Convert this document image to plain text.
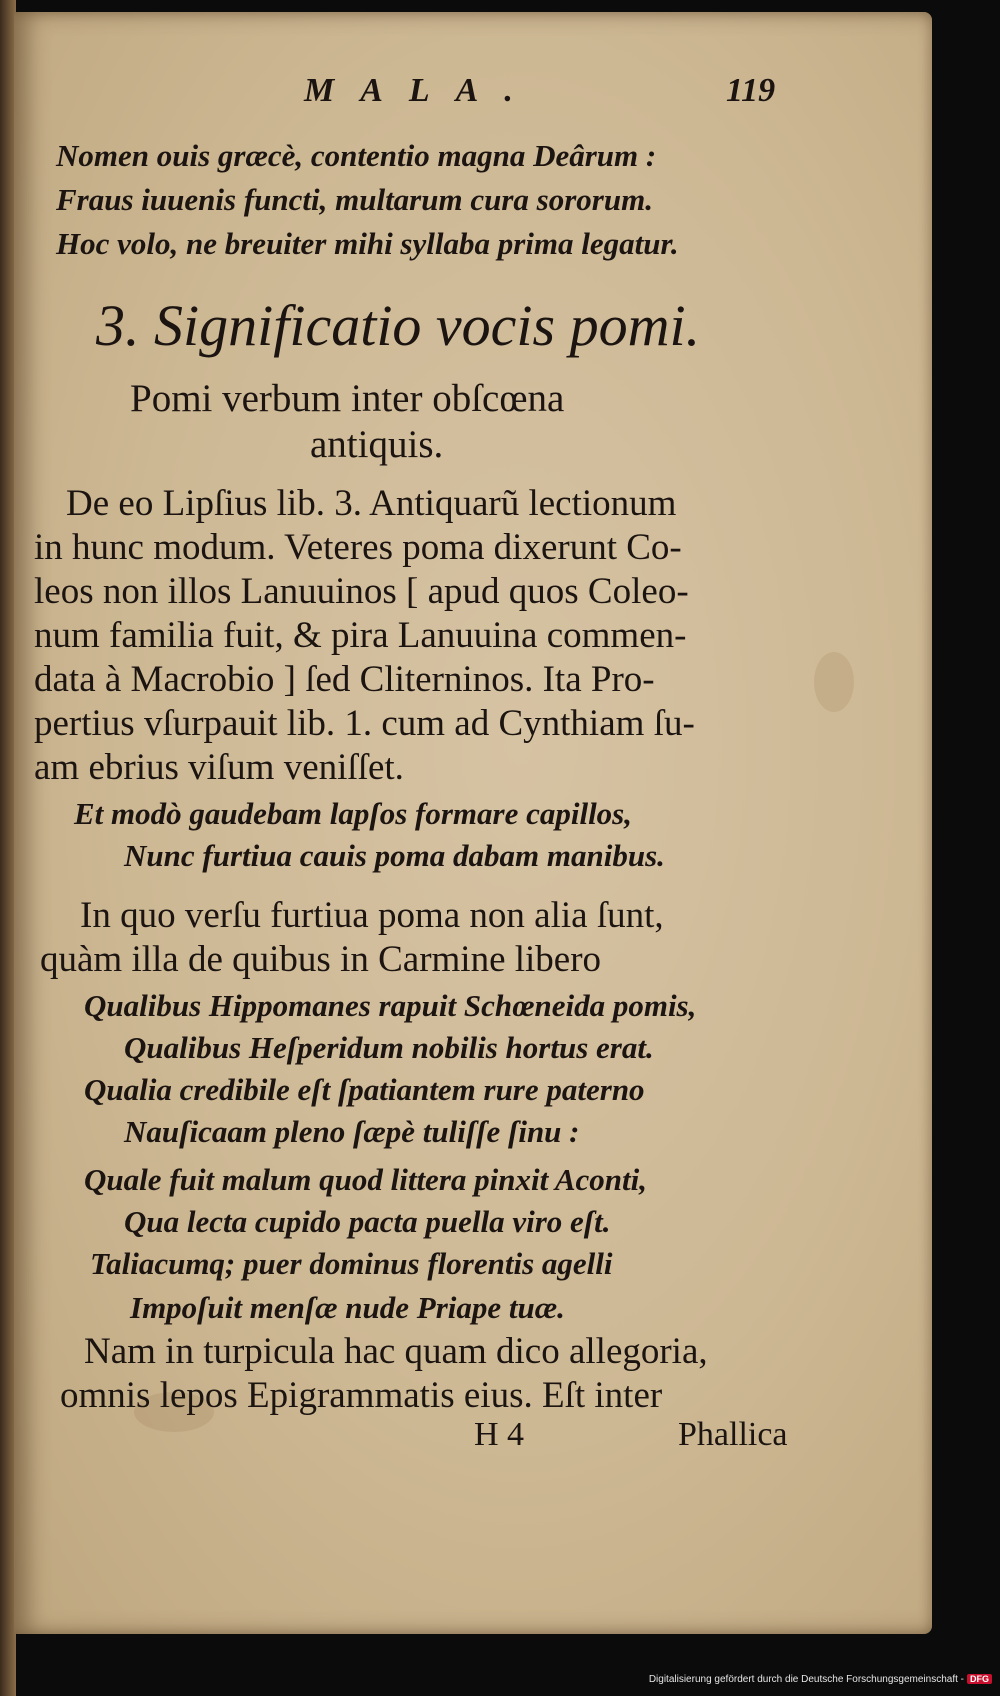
MALA.	119

Nomen ouis græcè, contentio magna Deârum :

Fraus iuuenis functi, multarum cura sororum.

Hoc volo, ne breuiter mihi syllaba prima legatur.

3. Significatio vocis pomi.

Pomi verbum inter obſcœna

antiquis.

De eo Lipſius lib. 3. Antiquarũ lectionum

in hunc modum. Veteres poma dixerunt Co-

leos non illos Lanuuinos [ apud quos Coleo-

num familia fuit, & pira Lanuuina commen-

data à Macrobio ] ſed Cliterninos. Ita Pro-

pertius vſurpauit lib. 1. cum ad Cynthiam ſu-

am ebrius viſum veniſſet.

Et modò gaudebam lapſos formare capillos,

Nunc furtiua cauis poma dabam manibus.

In quo verſu furtiua poma non alia ſunt,

quàm illa de quibus in Carmine libero

Qualibus Hippomanes rapuit Schœneida pomis,

Qualibus Heſperidum nobilis hortus erat.

Qualia credibile eſt ſpatiantem rure paterno

Nauſicaam pleno ſæpè tuliſſe ſinu :

Quale fuit malum quod littera pinxit Aconti,

Qua lecta cupido pacta puella viro eſt.

Taliacumq; puer dominus florentis agelli

Impoſuit menſæ nude Priape tuæ.

Nam in turpicula hac quam dico allegoria,

omnis lepos Epigrammatis eius. Eſt inter

H 4	Phallica

Digitalisierung gefördert durch die Deutsche Forschungsgemeinschaft - DFG
